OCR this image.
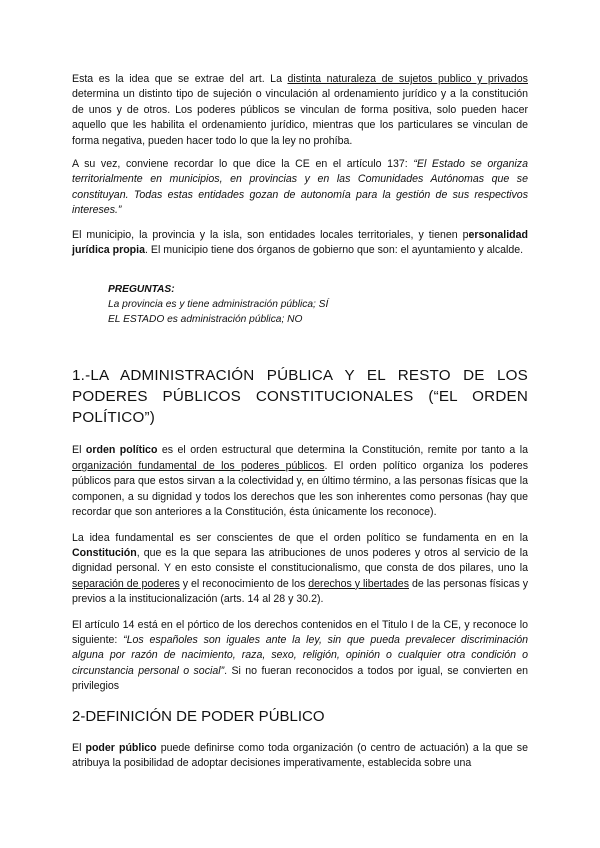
Esta es la idea que se extrae del art. La distinta naturaleza de sujetos publico y privados determina un distinto tipo de sujeción o vinculación al ordenamiento jurídico y a la constitución de unos y de otros. Los poderes públicos se vinculan de forma positiva, solo pueden hacer aquello que les habilita el ordenamiento jurídico, mientras que los particulares se vinculan de forma negativa, pueden hacer todo lo que la ley no prohíba.

A su vez, conviene recordar lo que dice la CE en el artículo 137: “El Estado se organiza territorialmente en municipios, en provincias y en las Comunidades Autónomas que se constituyan. Todas estas entidades gozan de autonomía para la gestión de sus respectivos intereses.”

El municipio, la provincia y la isla, son entidades locales territoriales, y tienen personalidad jurídica propia. El municipio tiene dos órganos de gobierno que son: el ayuntamiento y alcalde.

PREGUNTAS:
La provincia es y tiene administración pública; SÍ
EL ESTADO es administración pública; NO
1.-LA ADMINISTRACIÓN PÚBLICA Y EL RESTO DE LOS PODERES PÚBLICOS CONSTITUCIONALES (“EL ORDEN POLÍTICO”)

El orden político es el orden estructural que determina la Constitución, remite por tanto a la organización fundamental de los poderes públicos. El orden político organiza los poderes públicos para que estos sirvan a la colectividad y, en último término, a las personas físicas que la componen, a su dignidad y todos los derechos que les son inherentes como personas (hay que recordar que son anteriores a la Constitución, ésta únicamente los reconoce).

La idea fundamental es ser conscientes de que el orden político se fundamenta en en la Constitución, que es la que separa las atribuciones de unos poderes y otros al servicio de la dignidad personal. Y en esto consiste el constitucionalismo, que consta de dos pilares, uno la separación de poderes y el reconocimiento de los derechos y libertades de las personas físicas y previos a la institucionalización (arts. 14 al 28 y 30.2).

El artículo 14 está en el pórtico de los derechos contenidos en el Titulo I de la CE, y reconoce lo siguiente: “Los españoles son iguales ante la ley, sin que pueda prevalecer discriminación alguna por razón de nacimiento, raza, sexo, religión, opinión o cualquier otra condición o circunstancia personal o social”. Si no fueran reconocidos a todos por igual, se convierten en privilegios

2-DEFINICIÓN DE PODER PÚBLICO

El poder público puede definirse como toda organización (o centro de actuación) a la que se atribuya la posibilidad de adoptar decisiones imperativamente, establecida sobre una
